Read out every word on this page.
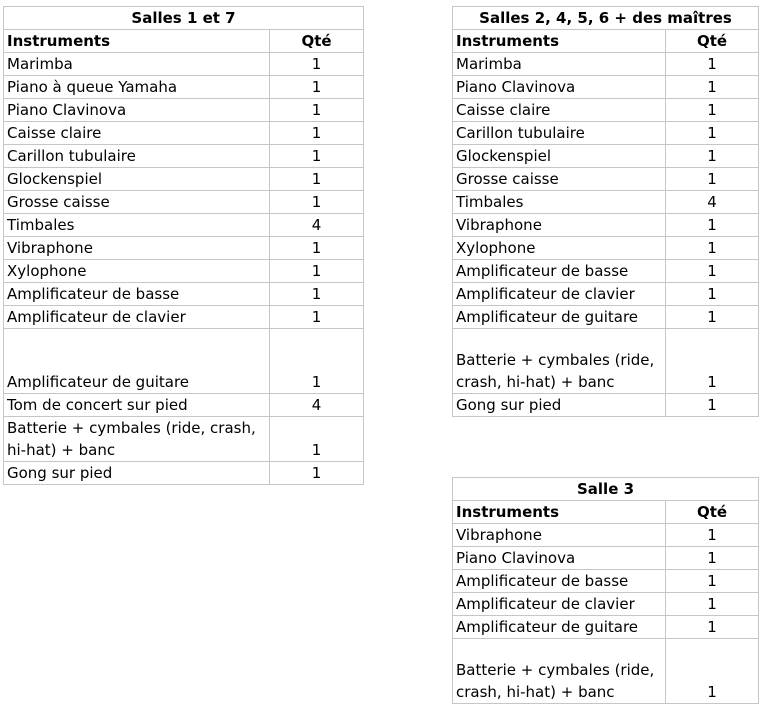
Salles 1 et 7	
Instruments	Qté
Marimba	1
Piano à queue Yamaha	1
Piano Clavinova	1
Caisse claire	1
Carillon tubulaire	1
Glockenspiel	1
Grosse caisse	1
Timbales	4
Vibraphone	1
Xylophone	1
Amplificateur de basse	1
Amplificateur de clavier	1
Amplificateur de guitare	1
Tom de concert sur pied	4
Batterie + cymbales (ride, crash, hi-hat) + banc	1
Gong sur pied	1
Salles 2, 4, 5, 6 + des maîtres	
Instruments	Qté
Marimba	1
Piano Clavinova	1
Caisse claire	1
Carillon tubulaire	1
Glockenspiel	1
Grosse caisse	1
Timbales	4
Vibraphone	1
Xylophone	1
Amplificateur de basse	1
Amplificateur de clavier	1
Amplificateur de guitare	1
Batterie + cymbales (ride, crash, hi-hat) + banc	1
Gong sur pied	1
Salle 3	
Instruments	Qté
Vibraphone	1
Piano Clavinova	1
Amplificateur de basse	1
Amplificateur de clavier	1
Amplificateur de guitare	1
Batterie + cymbales (ride, crash, hi-hat) + banc	1
